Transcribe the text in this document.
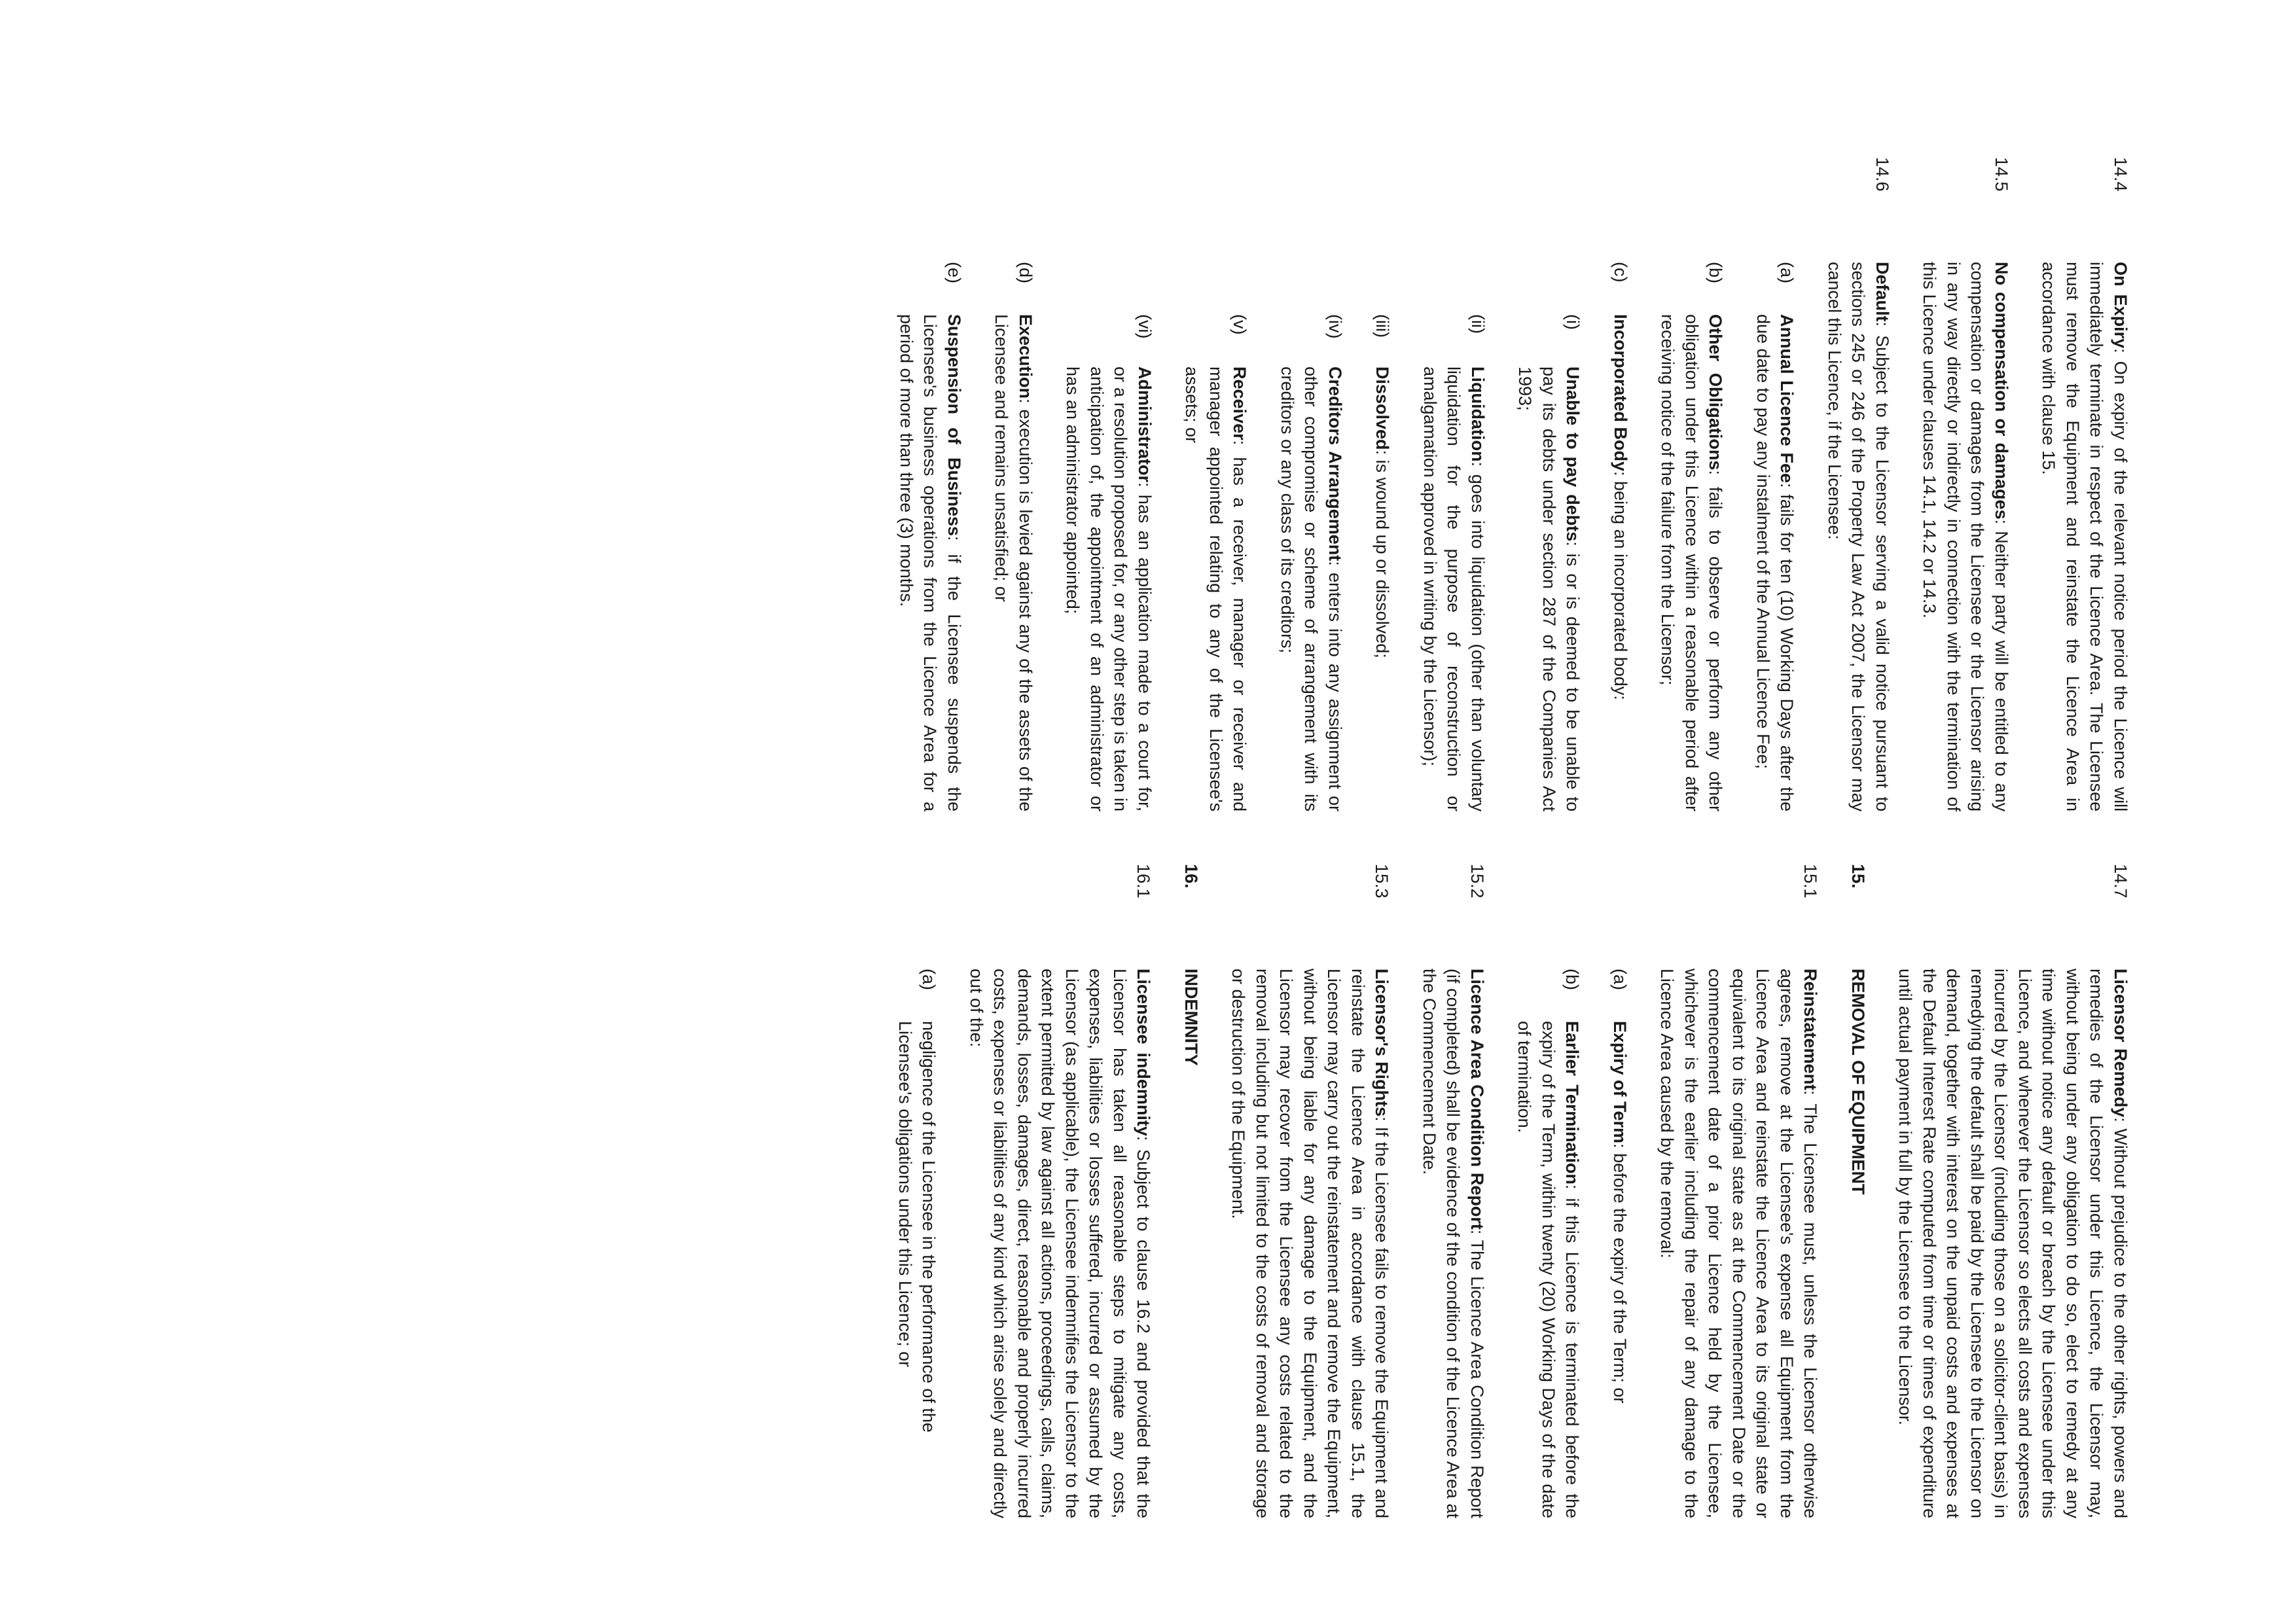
14.4
On Expiry: On expiry of the relevant notice period the Licence will immediately terminate in respect of the Licence Area. The Licensee must remove the Equipment and reinstate the Licence Area in accordance with clause 15.
14.5
No compensation or damages: Neither party will be entitled to any compensation or damages from the Licensee or the Licensor arising in any way directly or indirectly in connection with the termination of this Licence under clauses 14.1, 14.2 or 14.3.
14.6
Default: Subject to the Licensor serving a valid notice pursuant to sections 245 or 246 of the Property Law Act 2007, the Licensor may cancel this Licence, if the Licensee:
(a)
Annual Licence Fee: fails for ten (10) Working Days after the due date to pay any instalment of the Annual Licence Fee;
(b)
Other Obligations: fails to observe or perform any other obligation under this Licence within a reasonable period after receiving notice of the failure from the Licensor;
(c)
Incorporated Body: being an incorporated body:
(i)
Unable to pay debts: is or is deemed to be unable to pay its debts under section 287 of the Companies Act 1993;
(ii)
Liquidation: goes into liquidation (other than voluntary liquidation for the purpose of reconstruction or amalgamation approved in writing by the Licensor);
(iii)
Dissolved: is wound up or dissolved;
(iv)
Creditors Arrangement: enters into any assignment or other compromise or scheme of arrangement with its creditors or any class of its creditors;
(v)
Receiver: has a receiver, manager or receiver and manager appointed relating to any of the Licensee's assets; or
(vi)
Administrator: has an application made to a court for, or a resolution proposed for, or any other step is taken in anticipation of, the appointment of an administrator or has an administrator appointed;
(d)
Execution: execution is levied against any of the assets of the Licensee and remains unsatisfied; or
(e)
Suspension of Business: if the Licensee suspends the Licensee's business operations from the Licence Area for a period of more than three (3) months.
14.7
Licensor Remedy: Without prejudice to the other rights, powers and remedies of the Licensor under this Licence, the Licensor may, without being under any obligation to do so, elect to remedy at any time without notice any default or breach by the Licensee under this Licence, and whenever the Licensor so elects all costs and expenses incurred by the Licensor (including those on a solicitor-client basis) in remedying the default shall be paid by the Licensee to the Licensor on demand, together with interest on the unpaid costs and expenses at the Default Interest Rate computed from time or times of expenditure until actual payment in full by the Licensee to the Licensor.
15.
REMOVAL OF EQUIPMENT
15.1
Reinstatement: The Licensee must, unless the Licensor otherwise agrees, remove at the Licensee's expense all Equipment from the Licence Area and reinstate the Licence Area to its original state or equivalent to its original state as at the Commencement Date or the commencement date of a prior Licence held by the Licensee, whichever is the earlier including the repair of any damage to the Licence Area caused by the removal:
(a)
Expiry of Term: before the expiry of the Term; or
(b)
Earlier Termination: if this Licence is terminated before the expiry of the Term, within twenty (20) Working Days of the date of termination.
15.2
Licence Area Condition Report: The Licence Area Condition Report (if completed) shall be evidence of the condition of the Licence Area at the Commencement Date.
15.3
Licensor's Rights: If the Licensee fails to remove the Equipment and reinstate the Licence Area in accordance with clause 15.1, the Licensor may carry out the reinstatement and remove the Equipment, without being liable for any damage to the Equipment, and the Licensor may recover from the Licensee any costs related to the removal including but not limited to the costs of removal and storage or destruction of the Equipment.
16.
INDEMNITY
16.1
Licensee indemnity: Subject to clause 16.2 and provided that the Licensor has taken all reasonable steps to mitigate any costs, expenses, liabilities or losses suffered, incurred or assumed by the Licensor (as applicable), the Licensee indemnifies the Licensor to the extent permitted by law against all actions, proceedings, calls, claims, demands, losses, damages, direct, reasonable and properly incurred costs, expenses or liabilities of any kind which arise solely and directly out of the:
(a)
negligence of the Licensee in the performance of the Licensee's obligations under this Licence; or
